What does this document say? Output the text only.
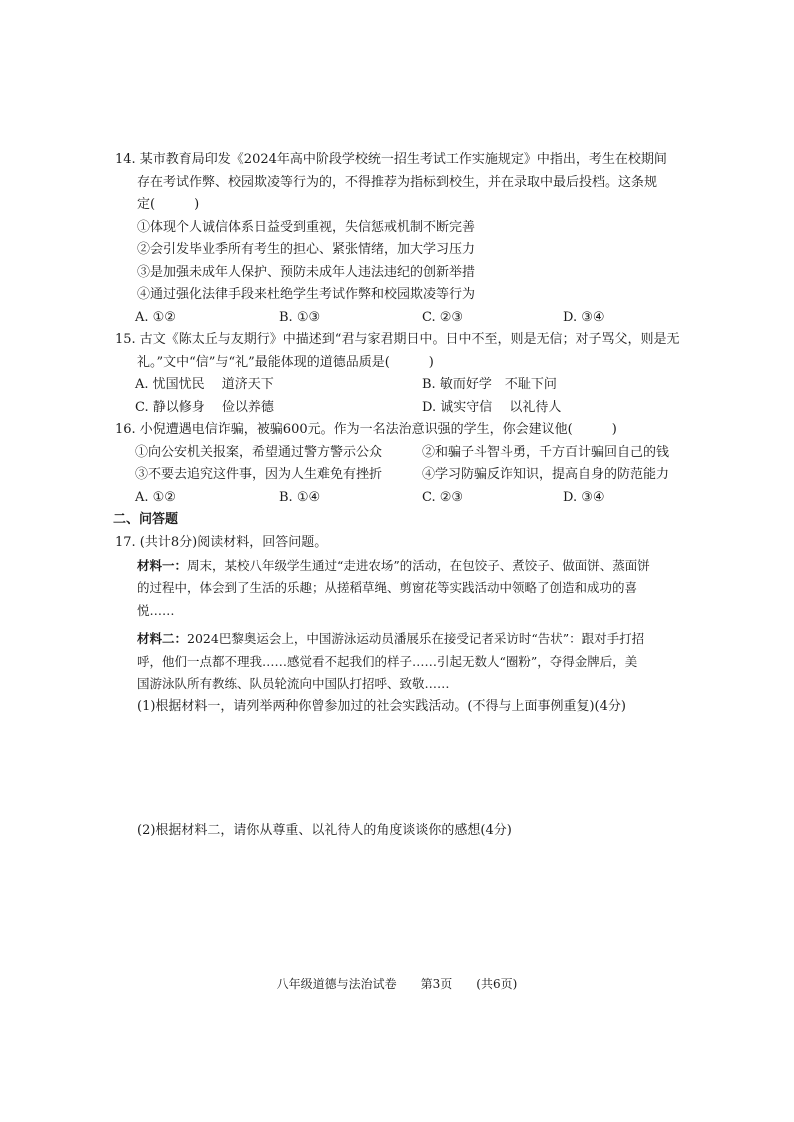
14. 某市教育局印发《2024年高中阶段学校统一招生考试工作实施规定》中指出，考生在校期间
存在考试作弊、校园欺凌等行为的，不得推荐为指标到校生，并在录取中最后投档。这条规
定(　　　)
①体现个人诚信体系日益受到重视，失信惩戒机制不断完善
②会引发毕业季所有考生的担心、紧张情绪，加大学习压力
③是加强未成年人保护、预防未成年人违法违纪的创新举措
④通过强化法律手段来杜绝学生考试作弊和校园欺凌等行为
A. ①②	B. ①③	C. ②③	D. ③④
15. 古文《陈太丘与友期行》中描述到“君与家君期日中。日中不至，则是无信；对子骂父，则是无
礼。”文中“信”与“礼”最能体现的道德品质是(　　　)
A. 忧国忧民　 道济天下	B. 敏而好学　不耻下问
C. 静以修身　 俭以养德	D. 诚实守信　 以礼待人
16. 小倪遭遇电信诈骗，被骗600元。作为一名法治意识强的学生，你会建议他(　　　)
①向公安机关报案，希望通过警方警示公众	②和骗子斗智斗勇，千方百计骗回自己的钱
③不要去追究这件事，因为人生难免有挫折	④学习防骗反诈知识，提高自身的防范能力
A. ①②	B. ①④	C. ②③	D. ③④
二、问答题
17. (共计8分)阅读材料，回答问题。
材料一：周末，某校八年级学生通过“走进农场”的活动，在包饺子、煮饺子、做面饼、蒸面饼
的过程中，体会到了生活的乐趣；从搓稻草绳、剪窗花等实践活动中领略了创造和成功的喜
悦……
材料二：2024巴黎奥运会上，中国游泳运动员潘展乐在接受记者采访时“告状”：跟对手打招
呼，他们一点都不理我……感觉看不起我们的样子……引起无数人“圈粉”，夺得金牌后，美
国游泳队所有教练、队员轮流向中国队打招呼、致敬……
(1)根据材料一，请列举两种你曾参加过的社会实践活动。(不得与上面事例重复)(4分)
(2)根据材料二，请你从尊重、以礼待人的角度谈谈你的感想(4分)
八年级道德与法治试卷　　第3页　　(共6页)
